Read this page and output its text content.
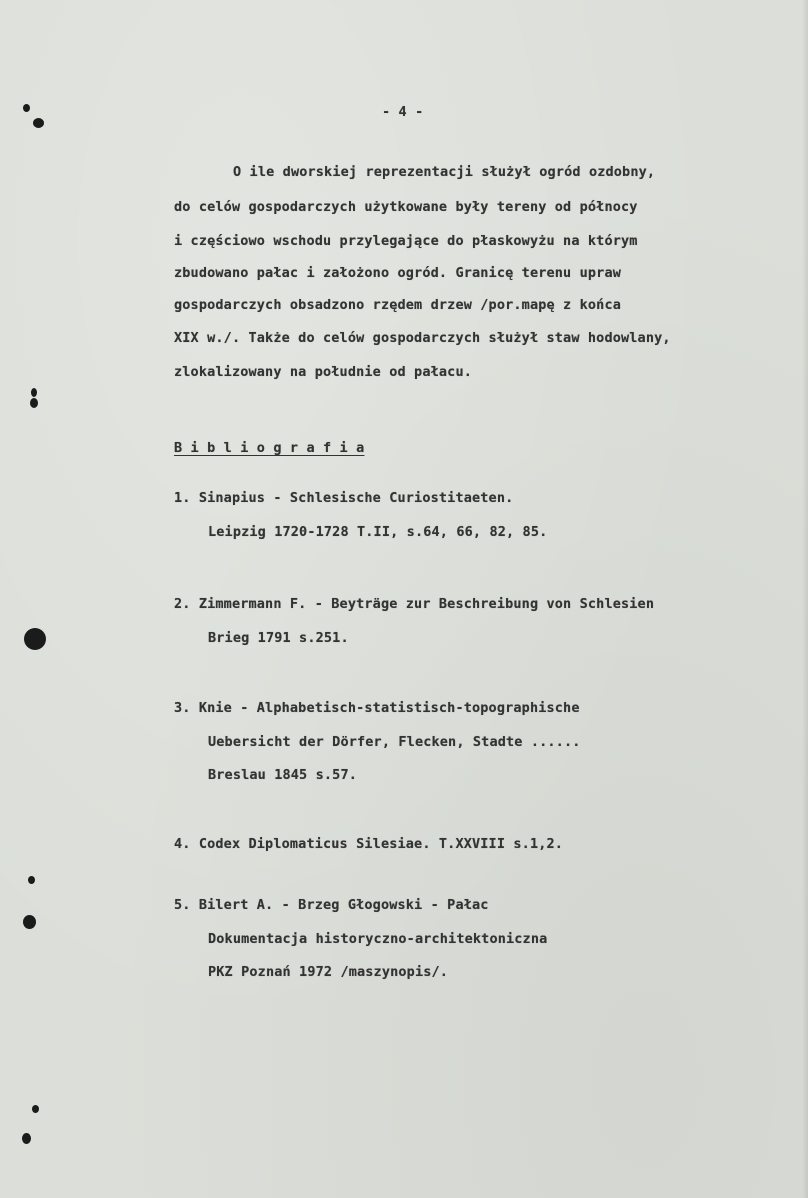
- 4 -
O ile dworskiej reprezentacji służył ogród ozdobny,
do celów gospodarczych użytkowane były tereny od północy
i częściowo wschodu przylegające do płaskowyżu na którym
zbudowano pałac i założono ogród. Granicę terenu upraw
gospodarczych obsadzono rzędem drzew /por.mapę z końca
XIX w./. Także do celów gospodarczych służył staw hodowlany,
zlokalizowany na południe od pałacu.
B i b l i o g r a f i a
1. Sinapius - Schlesische Curiostitaeten.
Leipzig 1720-1728 T.II, s.64, 66, 82, 85.
2. Zimmermann F. - Beyträge zur Beschreibung von Schlesien
Brieg 1791 s.251.
3. Knie - Alphabetisch-statistisch-topographische
Uebersicht der Dörfer, Flecken, Stadte ......
Breslau 1845 s.57.
4. Codex Diplomaticus Silesiae. T.XXVIII s.1,2.
5. Bilert A. - Brzeg Głogowski - Pałac
Dokumentacja historyczno-architektoniczna
PKZ Poznań 1972 /maszynopis/.
